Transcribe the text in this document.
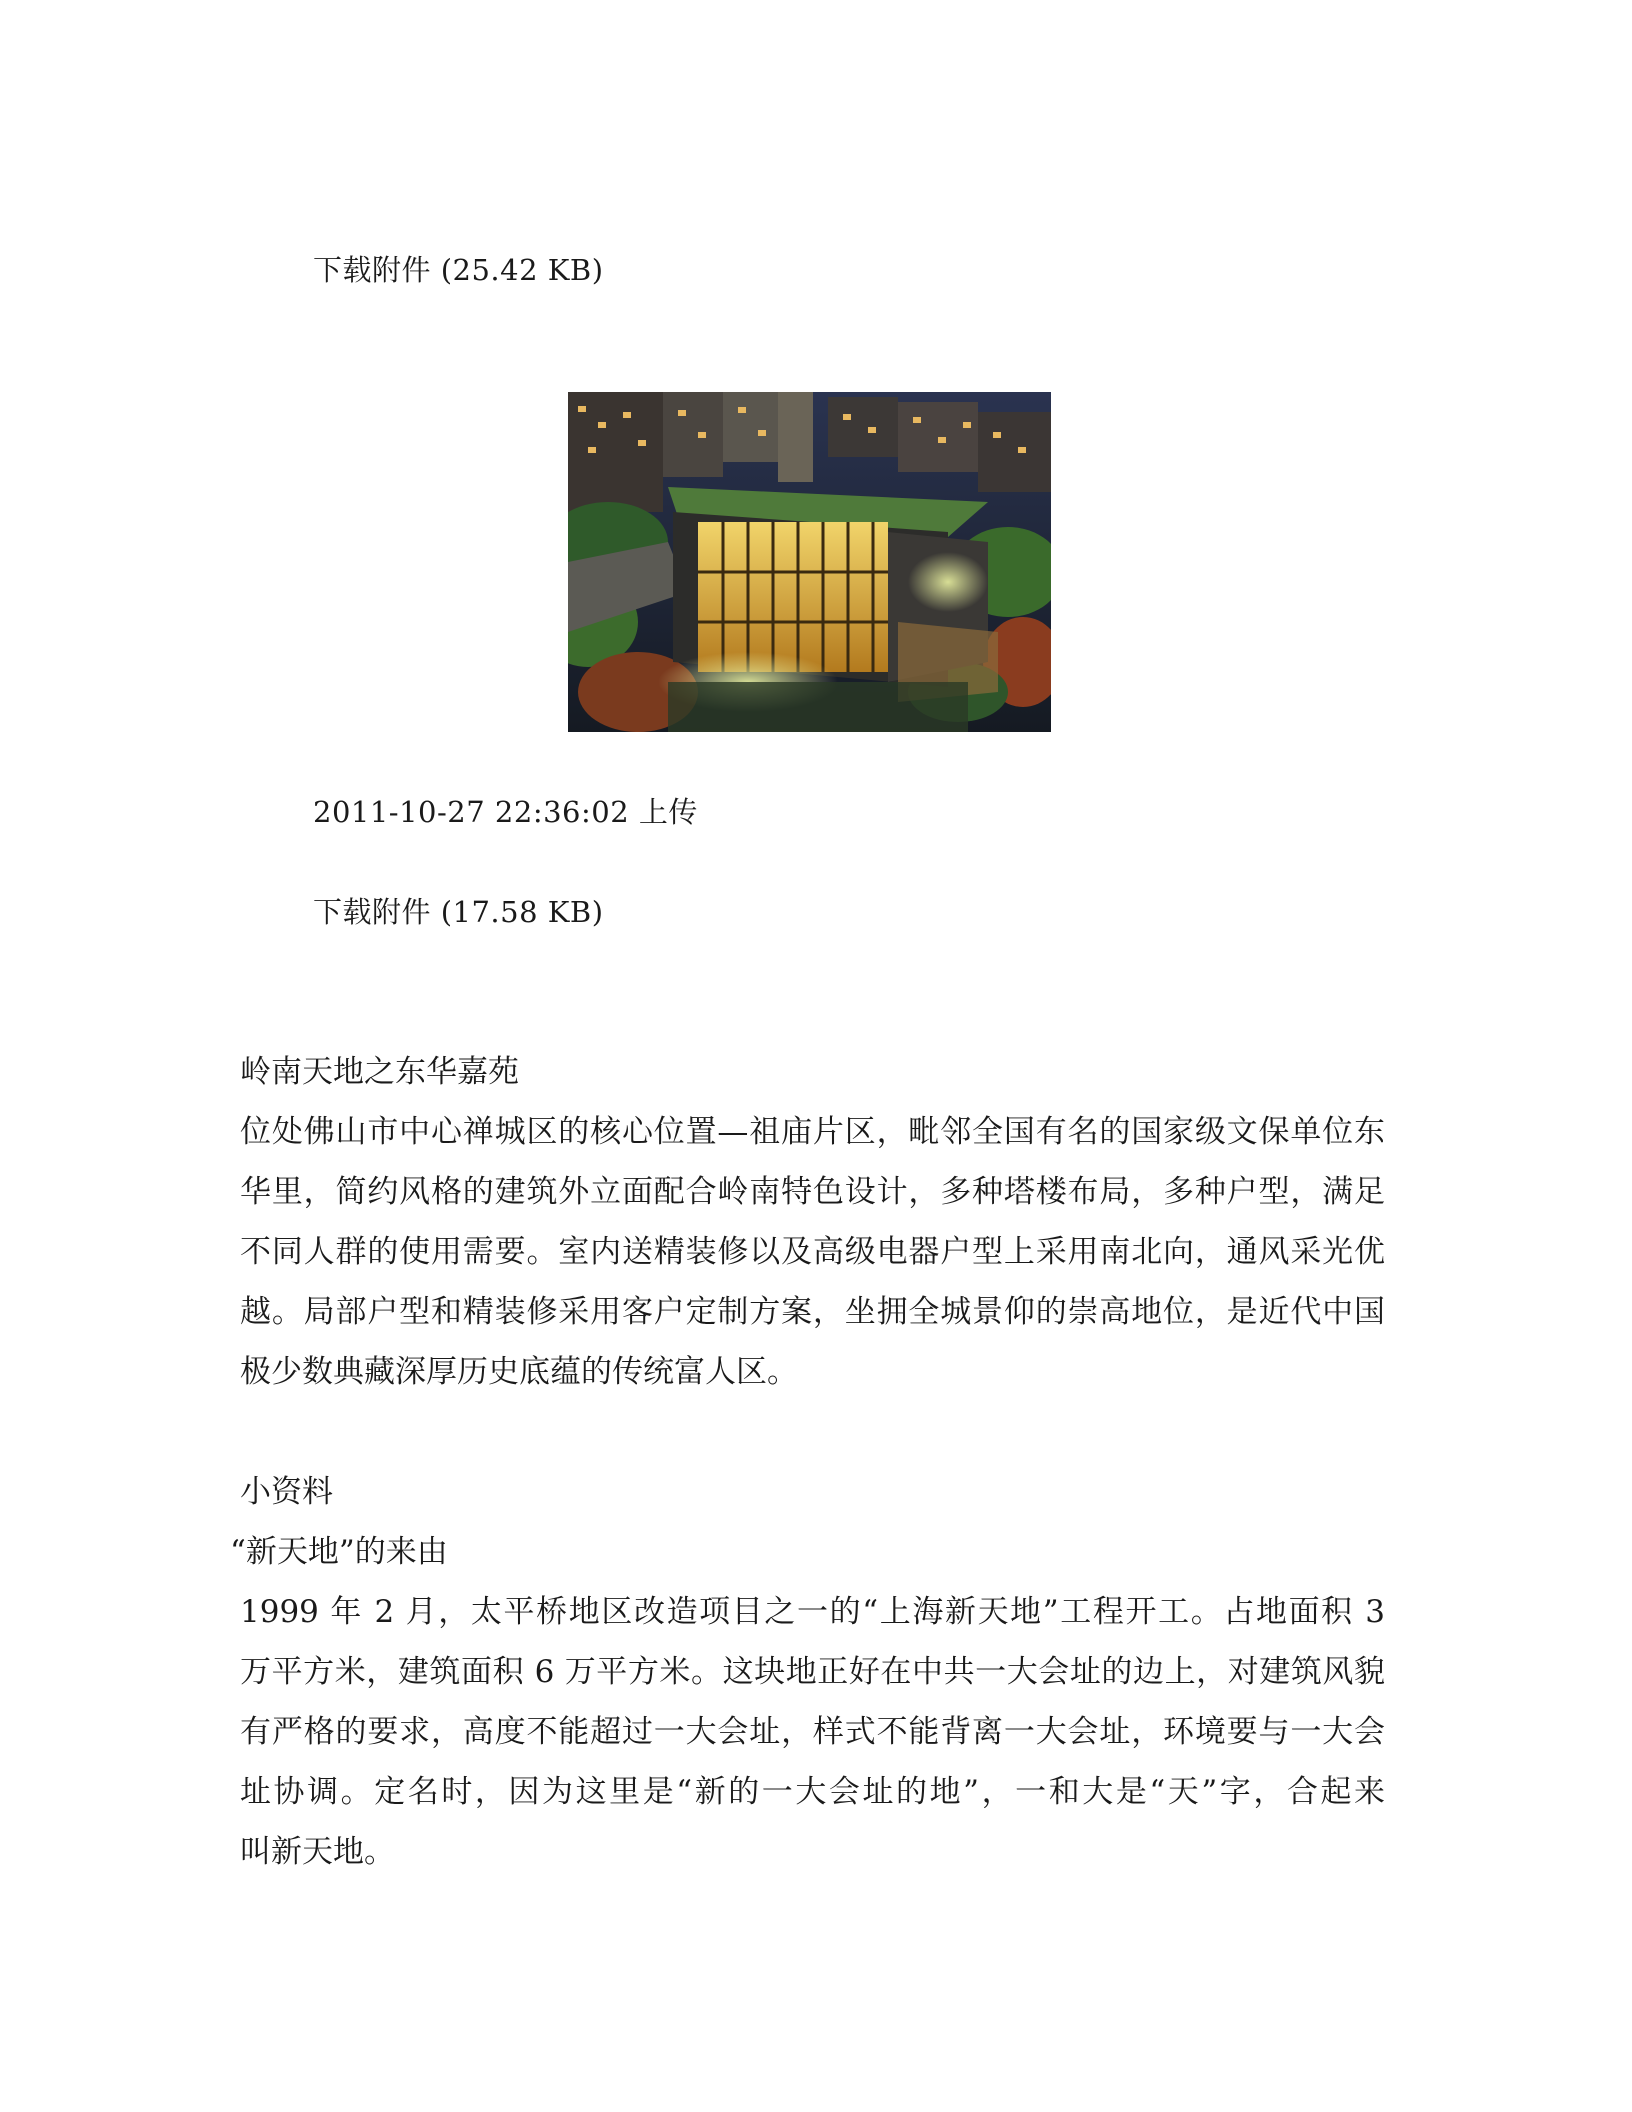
下载附件 (25.42 KB)

2011-10-27 22:36:02 上传

下载附件 (17.58 KB)

岭南天地之东华嘉苑

位处佛山市中心禅城区的核心位置—祖庙片区，毗邻全国有名的国家级文保单位东

华里，简约风格的建筑外立面配合岭南特色设计，多种塔楼布局，多种户型，满足

不同人群的使用需要。室内送精装修以及高级电器户型上采用南北向，通风采光优

越。局部户型和精装修采用客户定制方案，坐拥全城景仰的崇高地位，是近代中国

极少数典藏深厚历史底蕴的传统富人区。

小资料

“新天地”的来由

1999 年 2 月，太平桥地区改造项目之一的“上海新天地”工程开工。占地面积 3

万平方米，建筑面积 6 万平方米。这块地正好在中共一大会址的边上，对建筑风貌

有严格的要求，高度不能超过一大会址，样式不能背离一大会址，环境要与一大会

址协调。定名时，因为这里是“新的一大会址的地”，一和大是“天”字，合起来

叫新天地。
